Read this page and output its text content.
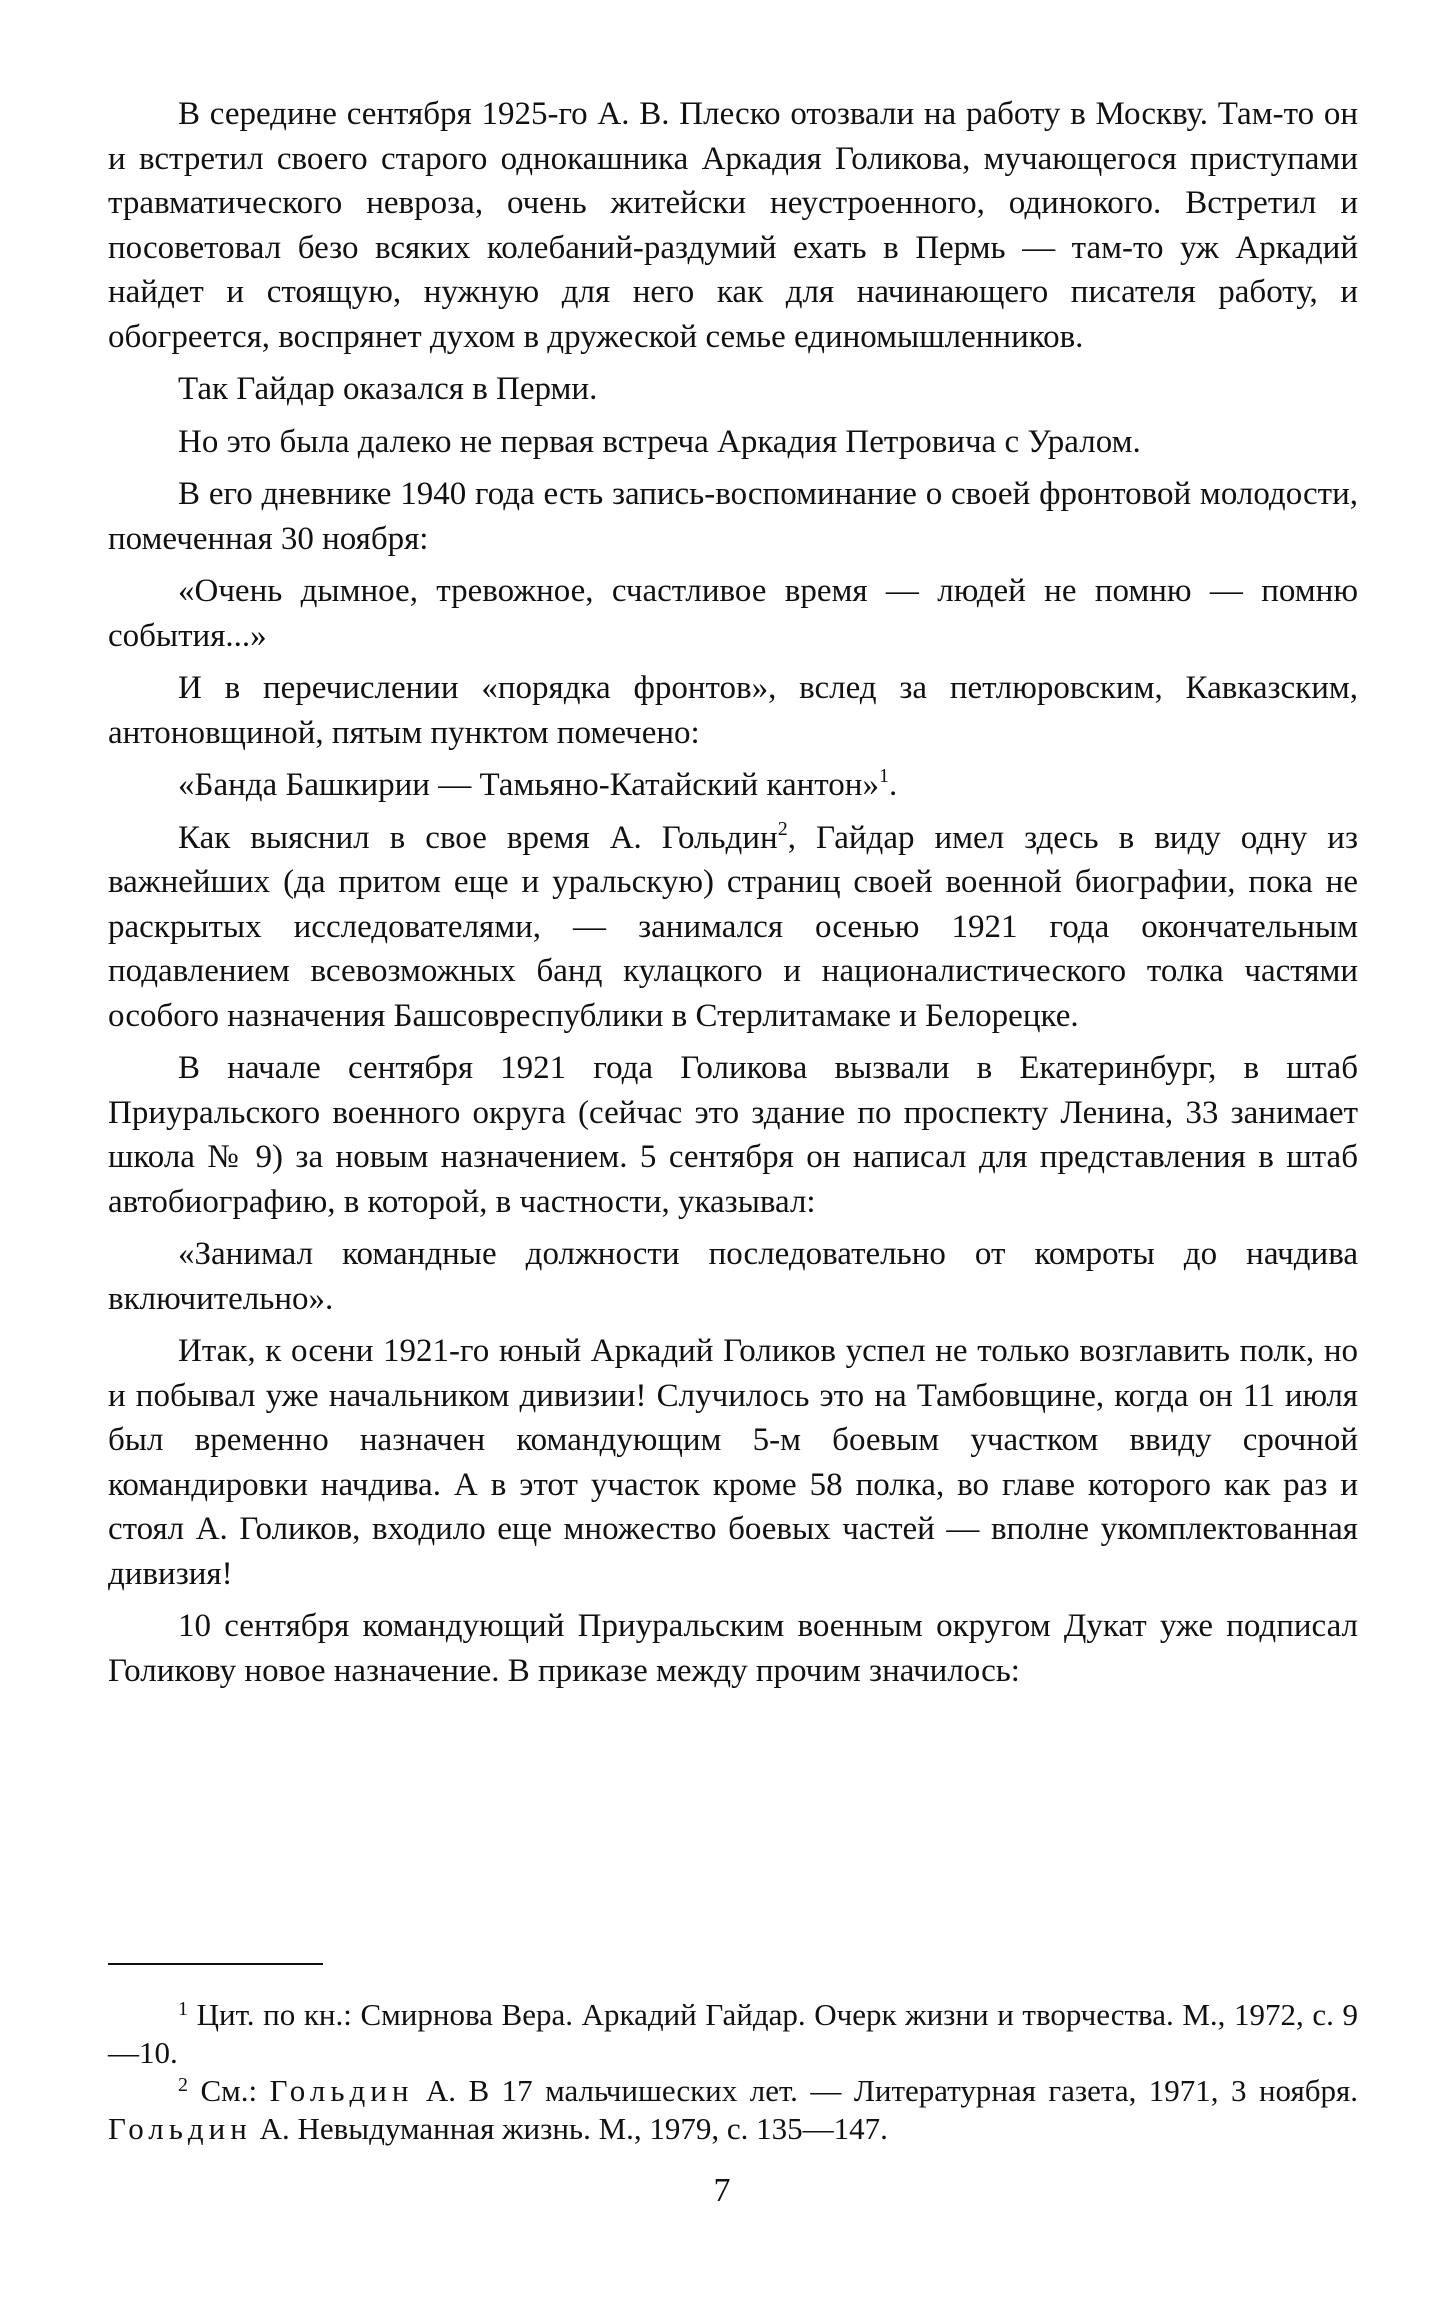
В середине сентября 1925-го А. В. Плеско отозвали на работу в Москву. Там-то он и встретил своего старого однокашника Аркадия Голикова, мучающегося приступами травматического невроза, очень житейски неустроенного, одинокого. Встретил и посоветовал безо всяких колебаний-раздумий ехать в Пермь — там-то уж Аркадий найдет и стоящую, нужную для него как для начинающего писателя работу, и обогреется, воспрянет духом в дружеской семье единомышленников.

Так Гайдар оказался в Перми.

Но это была далеко не первая встреча Аркадия Петровича с Уралом.

В его дневнике 1940 года есть запись-воспоминание о своей фронтовой молодости, помеченная 30 ноября:

«Очень дымное, тревожное, счастливое время — людей не помню — помню события...»

И в перечислении «порядка фронтов», вслед за петлюровским, Кавказским, антоновщиной, пятым пунктом помечено:

«Банда Башкирии — Тамьяно-Катайский кантон»$^1$.

Как выяснил в свое время А. Гольдин$^2$, Гайдар имел здесь в виду одну из важнейших (да притом еще и уральскую) страниц своей военной биографии, пока не раскрытых исследователями, — занимался осенью 1921 года окончательным подавлением всевозможных банд кулацкого и националистического толка частями особого назначения Башсовреспублики в Стерлитамаке и Белорецке.

В начале сентября 1921 года Голикова вызвали в Екатеринбург, в штаб Приуральского военного округа (сейчас это здание по проспекту Ленина, 33 занимает школа № 9) за новым назначением. 5 сентября он написал для представления в штаб автобиографию, в которой, в частности, указывал:

«Занимал командные должности последовательно от комроты до начдива включительно».

Итак, к осени 1921-го юный Аркадий Голиков успел не только возглавить полк, но и побывал уже начальником дивизии! Случилось это на Тамбовщине, когда он 11 июля был временно назначен командующим 5-м боевым участком ввиду срочной командировки начдива. А в этот участок кроме 58 полка, во главе которого как раз и стоял А. Голиков, входило еще множество боевых частей — вполне укомплектованная дивизия!

10 сентября командующий Приуральским военным округом Дукат уже подписал Голикову новое назначение. В приказе между прочим значилось:

$^1$ Цит. по кн.: Смирнова Вера. Аркадий Гайдар. Очерк жизни и творчества. М., 1972, с. 9—10.

$^2$ См.: Гольдин А. В 17 мальчишеских лет. — Литературная газета, 1971, 3 ноября. Гольдин А. Невыдуманная жизнь. М., 1979, с. 135—147.

7
